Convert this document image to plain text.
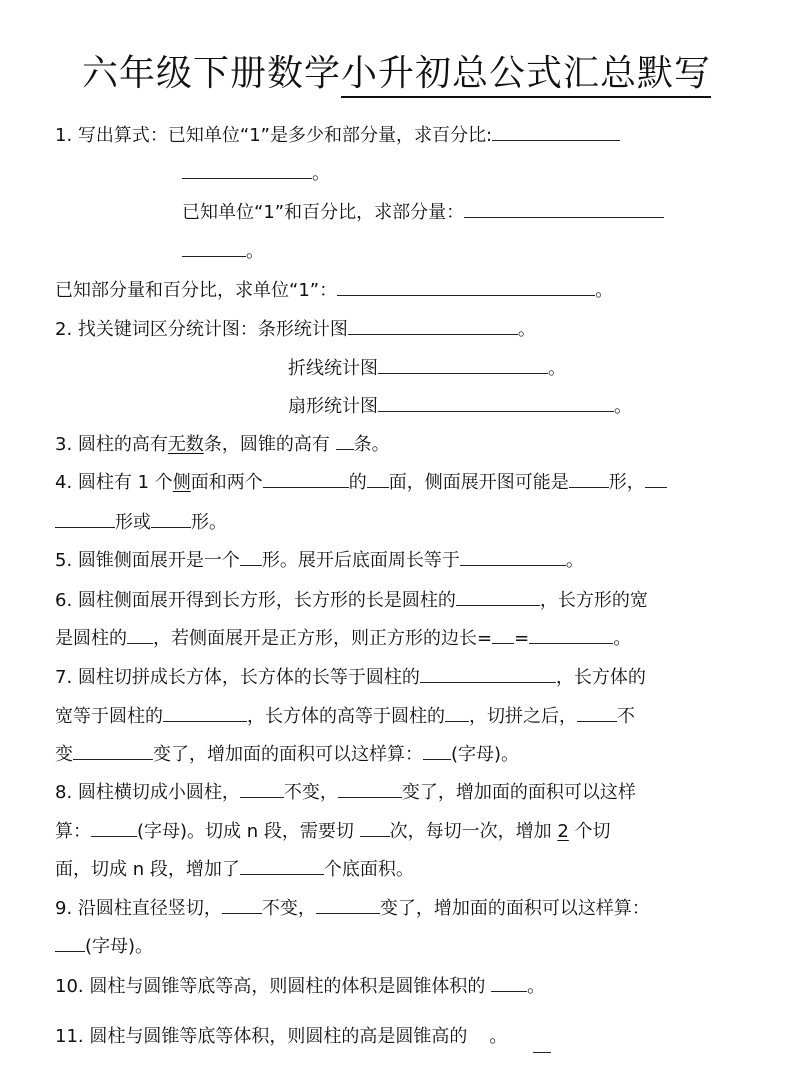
六年级下册数学小升初总公式汇总默写
1. 写出算式：已知单位“1”是多少和部分量，求百分比:
。
已知单位“1”和百分比，求部分量：
。
已知部分量和百分比，求单位“1”：	。
2. 找关键词区分统计图：条形统计图	。
折线统计图	。
扇形统计图	。
3. 圆柱的高有无数条，圆锥的高有 条。
4. 圆柱有 1 个侧面和两个	的 面，侧面展开图可能是 形，
形或 形。
5. 圆锥侧面展开是一个 形。展开后底面周长等于	。
6. 圆柱侧面展开得到长方形，长方形的长是圆柱的	，长方形的宽
是圆柱的 ，若侧面展开是正方形，则正方形的边长= =	。
7. 圆柱切拼成长方体，长方体的长等于圆柱的	，长方体的
宽等于圆柱的	，长方体的高等于圆柱的 ，切拼之后， 不
变	变了，增加面的面积可以这样算： (字母)。
8. 圆柱横切成小圆柱， 不变，	变了，增加面的面积可以这样
算：	(字母)。切成 n 段，需要切 次，每切一次，增加 2 个切
面，切成 n 段，增加了	个底面积。
9. 沿圆柱直径竖切， 不变，	变了，增加面的面积可以这样算：
(字母)。
10. 圆柱与圆锥等底等高，则圆柱的体积是圆锥体积的 。
11. 圆柱与圆锥等底等体积，则圆柱的高是圆锥高的 。
